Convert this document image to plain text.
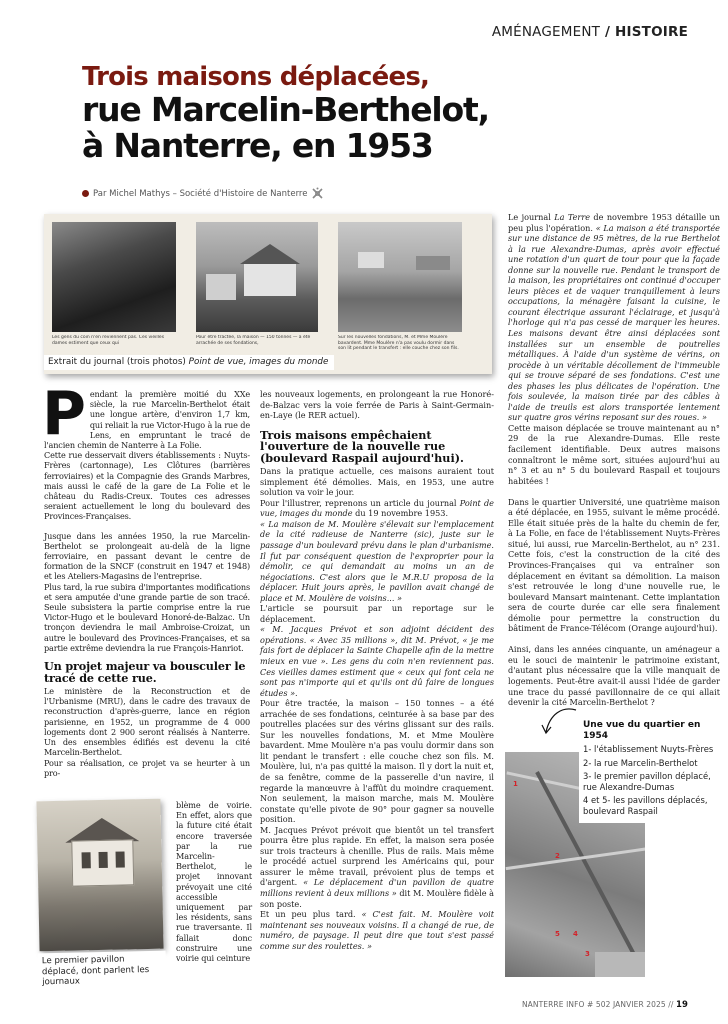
AMÉNAGEMENT / HISTOIRE
Trois maisons déplacées,
rue Marcelin-Berthelot,
à Nanterre, en 1953
Par Michel Mathys – Société d'Histoire de Nanterre
Les gens du coin n'en reviennent pas. Ces vieilles dames estiment que ceux qui
Pour être tractée, la maison — 150 tonnes — a été arrachée de ses fondations,
Sur les nouvelles fondations, M. et Mme Moulère bavardent. Mme Moulère n'a pas voulu dormir dans son lit pendant le transfert : elle couche chez son fils.
Extrait du journal (trois photos) Point de vue, images du monde
P endant la première moitié du XXe siècle, la rue Marcelin-Berthelot était une longue artère, d'environ 1,7 km, qui reliait la rue Victor-Hugo à la rue de Lens, en empruntant le tracé de l'ancien chemin de Nanterre à La Folie.

Cette rue desservait divers établissements : Nuyts-Frères (cartonnage), Les Clôtures (barrières ferroviaires) et la Compagnie des Grands Marbres, mais aussi le café de la gare de La Folie et le château du Radis-Creux. Toutes ces adresses seraient actuellement le long du boulevard des Provinces-Françaises.

Jusque dans les années 1950, la rue Marcelin-Berthelot se prolongeait au-delà de la ligne ferroviaire, en passant devant le centre de formation de la SNCF (construit en 1947 et 1948) et les Ateliers-Magasins de l'entreprise.

Plus tard, la rue subira d'importantes modifications et sera amputée d'une grande partie de son tracé. Seule subsistera la partie comprise entre la rue Victor-Hugo et le boulevard Honoré-de-Balzac. Un tronçon deviendra le mail Ambroise-Croizat, un autre le boulevard des Provinces-Françaises, et sa partie extrême deviendra la rue François-Hanriot.

Un projet majeur va bousculer le tracé de cette rue.

Le ministère de la Reconstruction et de l'Urbanisme (MRU), dans le cadre des travaux de reconstruction d'après-guerre, lance en région parisienne, en 1952, un programme de 4 000 logements dont 2 900 seront réalisés à Nanterre. Un des ensembles édifiés est devenu la cité Marcelin-Berthelot.

Pour sa réalisation, ce projet va se heurter à un pro-

Le premier pavillon déplacé, dont parlent les journaux

blème de voirie. En effet, alors que la future cité était encore traversée par la rue Marcelin-Berthelot, le projet innovant prévoyait une cité accessible uniquement par les résidents, sans rue traversante. Il fallait donc construire une voirie qui ceinture

les nouveaux logements, en prolongeant la rue Honoré-de-Balzac vers la voie ferrée de Paris à Saint-Germain-en-Laye (le RER actuel).

Trois maisons empêchaient l'ouverture de la nouvelle rue (boulevard Raspail aujourd'hui).

Dans la pratique actuelle, ces maisons auraient tout simplement été démolies. Mais, en 1953, une autre solution va voir le jour.

Pour l'illustrer, reprenons un article du journal Point de vue, images du monde du 19 novembre 1953.

« La maison de M. Moulère s'élevait sur l'emplacement de la cité radieuse de Nanterre (sic), juste sur le passage d'un boulevard prévu dans le plan d'urbanisme. Il fut par conséquent question de l'exproprier pour la démolir, ce qui demandait au moins un an de négociations. C'est alors que le M.R.U proposa de la déplacer. Huit jours après, le pavillon avait changé de place et M. Moulère de voisins... »

L'article se poursuit par un reportage sur le déplacement.

« M. Jacques Prévot et son adjoint décident des opérations. « Avec 35 millions », dit M. Prévot, « je me fais fort de déplacer la Sainte Chapelle afin de la mettre mieux en vue ». Les gens du coin n'en reviennent pas. Ces vieilles dames estiment que « ceux qui font cela ne sont pas n'importe qui et qu'ils ont dû faire de longues études ».

Pour être tractée, la maison – 150 tonnes – a été arrachée de ses fondations, ceinturée à sa base par des poutrelles placées sur des vérins glissant sur des rails. Sur les nouvelles fondations, M. et Mme Moulère bavardent. Mme Moulère n'a pas voulu dormir dans son lit pendant le transfert : elle couche chez son fils. M. Moulère, lui, n'a pas quitté la maison. Il y dort la nuit et, de sa fenêtre, comme de la passerelle d'un navire, il regarde la manœuvre à l'affût du moindre craquement. Non seulement, la maison marche, mais M. Moulère constate qu'elle pivote de 90° pour gagner sa nouvelle position.

M. Jacques Prévot prévoit que bientôt un tel transfert pourra être plus rapide. En effet, la maison sera posée sur trois tracteurs à chenille. Plus de rails. Mais même le procédé actuel surprend les Américains qui, pour assurer le même travail, prévoient plus de temps et d'argent. « Le déplacement d'un pavillon de quatre millions revient à deux millions » dit M. Moulère fidèle à son poste.

Et un peu plus tard. « C'est fait. M. Moulère voit maintenant ses nouveaux voisins. Il a changé de rue, de numéro, de paysage. Il peut dire que tout s'est passé comme sur des roulettes. »

Le journal La Terre de novembre 1953 détaille un peu plus l'opération. « La maison a été transportée sur une distance de 95 mètres, de la rue Berthelot à la rue Alexandre-Dumas, après avoir effectué une rotation d'un quart de tour pour que la façade donne sur la nouvelle rue. Pendant le transport de la maison, les propriétaires ont continué d'occuper leurs pièces et de vaquer tranquillement à leurs occupations, la ménagère faisant la cuisine, le courant électrique assurant l'éclairage, et jusqu'à l'horloge qui n'a pas cessé de marquer les heures. Les maisons devant être ainsi déplacées sont installées sur un ensemble de poutrelles métalliques. À l'aide d'un système de vérins, on procède à un véritable décollement de l'immeuble qui se trouve séparé de ses fondations. C'est une des phases les plus délicates de l'opération. Une fois soulevée, la maison tirée par des câbles à l'aide de treuils est alors transportée lentement sur quatre gros vérins reposant sur des roues. »

Cette maison déplacée se trouve maintenant au n° 29 de la rue Alexandre-Dumas. Elle reste facilement identifiable. Deux autres maisons connaîtront le même sort, situées aujourd'hui au n° 3 et au n° 5 du boulevard Raspail et toujours habitées !

Dans le quartier Université, une quatrième maison a été déplacée, en 1955, suivant le même procédé. Elle était située près de la halte du chemin de fer, à La Folie, en face de l'établissement Nuyts-Frères situé, lui aussi, rue Marcelin-Berthelot, au n° 231. Cette fois, c'est la construction de la cité des Provinces-Françaises qui va entraîner son déplacement en évitant sa démolition. La maison s'est retrouvée le long d'une nouvelle rue, le boulevard Mansart maintenant. Cette implantation sera de courte durée car elle sera finalement démolie pour permettre la construction du bâtiment de France-Télécom (Orange aujourd'hui).

Ainsi, dans les années cinquante, un aménageur a eu le souci de maintenir le patrimoine existant, d'autant plus nécessaire que la ville manquait de logements. Peut-être avait-il aussi l'idée de garder une trace du passé pavillonnaire de ce qui allait devenir la cité Marcelin-Berthelot ?

1
2
3
4
5
Une vue du quartier en 1954
1- l'établissement Nuyts-Frères
2- la rue Marcelin-Berthelot
3- le premier pavillon déplacé, rue Alexandre-Dumas
4 et 5- les pavillons déplacés, boulevard Raspail
NANTERRE INFO # 502 JANVIER 2025 // 19
